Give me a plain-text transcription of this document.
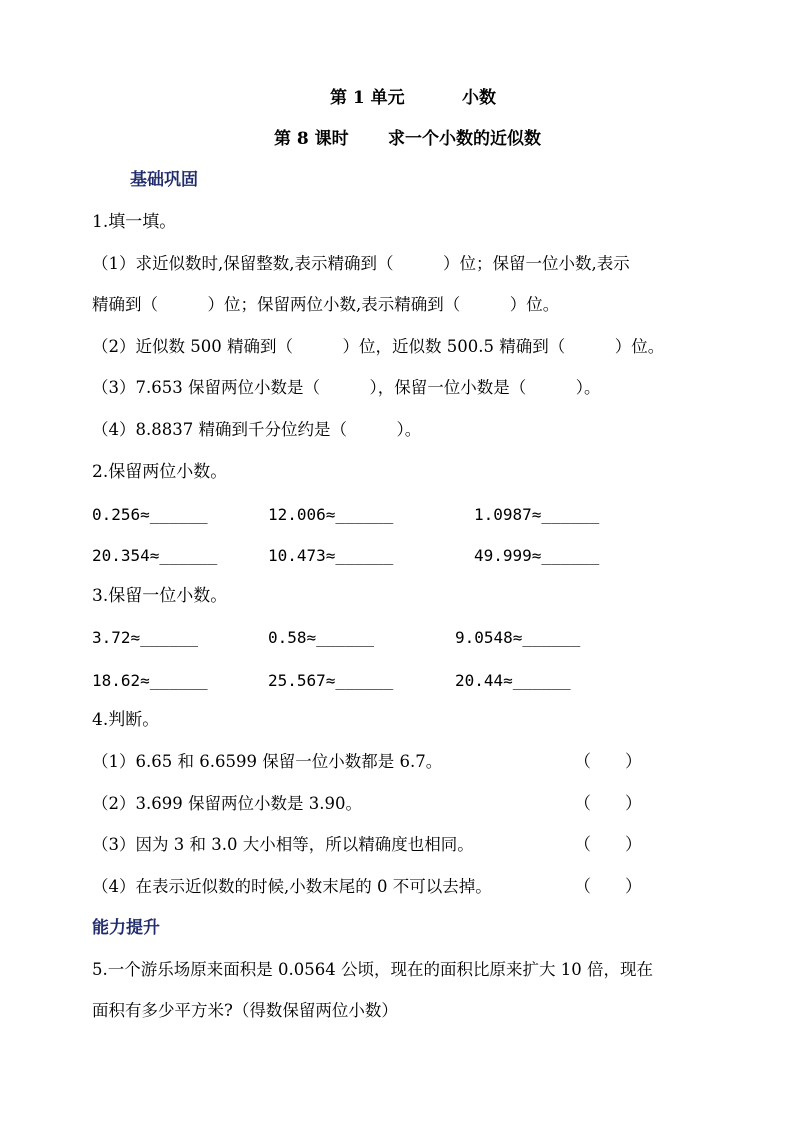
第 1 单元	小数
第 8 课时 求一个小数的近似数
基础巩固
1.填一填。
（1）求近似数时,保留整数,表示精确到（　　　）位；保留一位小数,表示
精确到（　　　）位；保留两位小数,表示精确到（　　　）位。
（2）近似数 500 精确到（　　　）位，近似数 500.5 精确到（　　　）位。
（3）7.653 保留两位小数是（　　　），保留一位小数是（　　　）。
（4）8.8837 精确到千分位约是（　　　）。
2.保留两位小数。
0.256≈______	12.006≈______	1.0987≈______
20.354≈______	10.473≈______	49.999≈______
3.保留一位小数。
3.72≈______	0.58≈______	9.0548≈______
18.62≈______	25.567≈______	20.44≈______
4.判断。
（1）6.65 和 6.6599 保留一位小数都是 6.7。	（　　）
（2）3.699 保留两位小数是 3.90。	（　　）
（3）因为 3 和 3.0 大小相等，所以精确度也相同。	（　　）
（4）在表示近似数的时候,小数末尾的 0 不可以去掉。	（　　）
能力提升
5.一个游乐场原来面积是 0.0564 公顷，现在的面积比原来扩大 10 倍，现在
面积有多少平方米?（得数保留两位小数）
